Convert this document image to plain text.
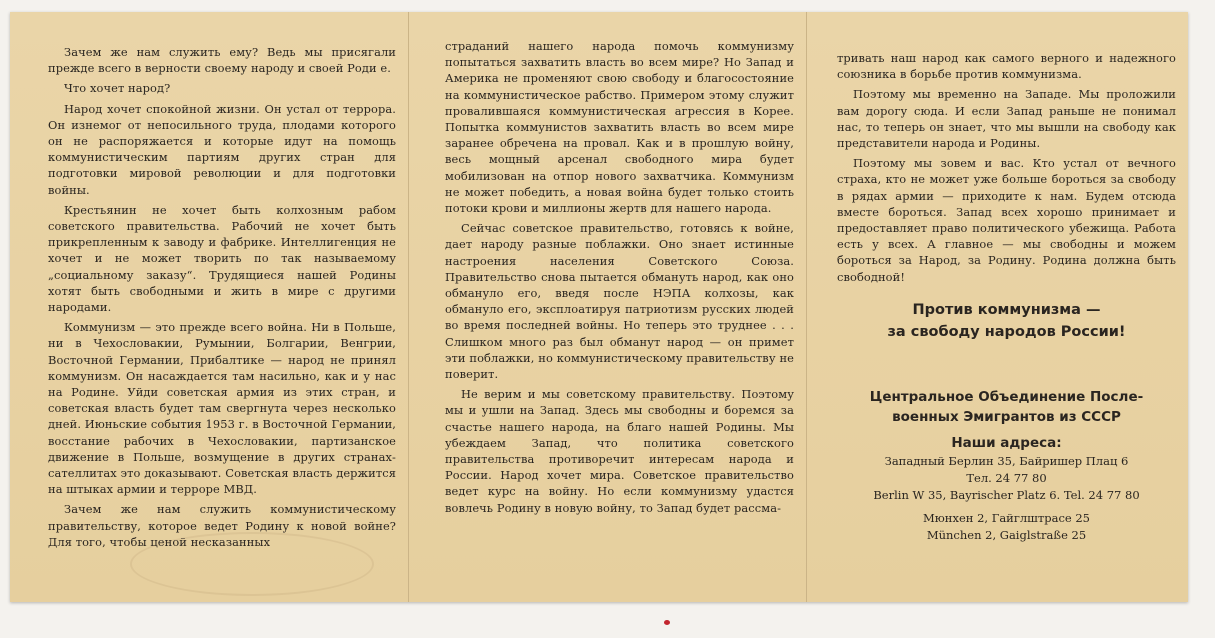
Зачем же нам служить ему? Ведь мы присягали прежде всего в верности своему народу и своей Роди е.

Что хочет народ?

Народ хочет спокойной жизни. Он устал от террора. Он изнемог от непосильного труда, плодами которого он не распоряжается и которые идут на помощь коммунистическим партиям других стран для подготовки мировой революции и для подготовки войны.

Крестьянин не хочет быть колхозным рабом советского правительства. Рабочий не хочет быть прикрепленным к заводу и фабрике. Интеллигенция не хочет и не может творить по так называемому „социальному заказу“. Трудящиеся нашей Родины хотят быть свободными и жить в мире с другими народами.

Коммунизм — это прежде всего война. Ни в Польше, ни в Чехословакии, Румынии, Болгарии, Венгрии, Восточной Германии, Прибалтике — народ не принял коммунизм. Он насаждается там насильно, как и у нас на Родине. Уйди советская армия из этих стран, и советская власть будет там свергнута через несколько дней. Июньские события 1953 г. в Восточной Германии, восстание рабочих в Чехословакии, партизанское движение в Польше, возмущение в других странах-сателлитах это доказывают. Советская власть держится на штыках армии и терроре МВД.

Зачем же нам служить коммунистическому правительству, которое ведет Родину к новой войне? Для того, чтобы ценой несказанных

страданий нашего народа помочь коммунизму попытаться захватить власть во всем мире? Но Запад и Америка не променяют свою свободу и благосостояние на коммунистическое рабство. Примером этому служит провалившаяся коммунистическая агрессия в Корее. Попытка коммунистов захватить власть во всем мире заранее обречена на провал. Как и в прошлую войну, весь мощный арсенал свободного мира будет мобилизован на отпор нового захватчика. Коммунизм не может победить, а новая война будет только стоить потоки крови и миллионы жертв для нашего народа.

Сейчас советское правительство, готовясь к войне, дает народу разные поблажки. Оно знает истинные настроения населения Советского Союза. Правительство снова пытается обмануть народ, как оно обмануло его, введя после НЭПА колхозы, как обмануло его, эксплоатируя патриотизм русских людей во время последней войны. Но теперь это труднее . . . Слишком много раз был обманут народ — он примет эти поблажки, но коммунистическому правительству не поверит.

Не верим и мы советскому правительству. Поэтому мы и ушли на Запад. Здесь мы свободны и боремся за счастье нашего народа, на благо нашей Родины. Мы убеждаем Запад, что политика советского правительства противоречит интересам народа и России. Народ хочет мира. Советское правительство ведет курс на войну. Но если коммунизму удастся вовлечь Родину в новую войну, то Запад будет рассма-

тривать наш народ как самого верного и надежного союзника в борьбе против коммунизма.

Поэтому мы временно на Западе. Мы проложили вам дорогу сюда. И если Запад раньше не понимал нас, то теперь он знает, что мы вышли на свободу как представители народа и Родины.

Поэтому мы зовем и вас. Кто устал от вечного страха, кто не может уже больше бороться за свободу в рядах армии — приходите к нам. Будем отсюда вместе бороться. Запад всех хорошо принимает и предоставляет право политического убежища. Работа есть у всех. А главное — мы свободны и можем бороться за Народ, за Родину. Родина должна быть свободной!

Против коммунизма —
за свободу народов России!
Центральное Объединение После-
военных Эмигрантов из СССР
Наши адреса:
Западный Берлин 35, Байришер Плац 6
Тел. 24 77 80
Berlin W 35, Bayrischer Platz 6. Tel. 24 77 80
Мюнхен 2, Гайглштрасе 25
München 2, Gaiglstraße 25
